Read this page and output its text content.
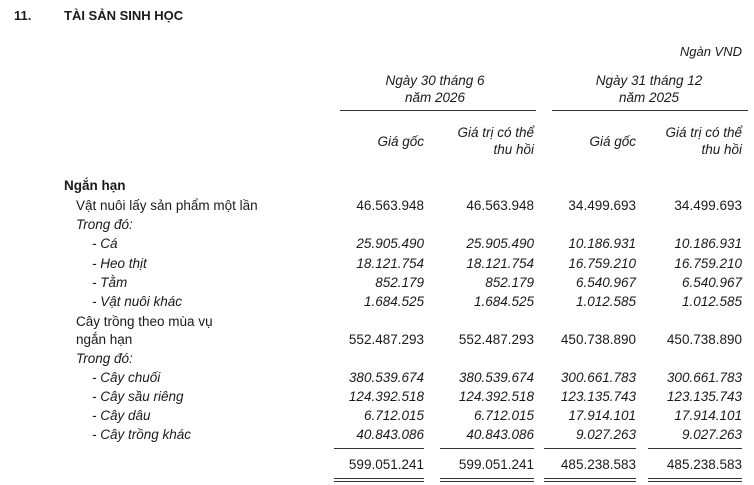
11.	TÀI SẢN SINH HỌC
Ngàn VND
Ngày 30 tháng 6
năm 2026
Ngày 31 tháng 12
năm 2025
Giá gốc
Giá trị có thể
thu hồi
Giá gốc
Giá trị có thể
thu hồi
Ngắn hạn
Vật nuôi lấy sản phẩm một lần	46.563.948	46.563.948	34.499.693	34.499.693
Trong đó:
- Cá	25.905.490	25.905.490	10.186.931	10.186.931
- Heo thịt	18.121.754	18.121.754	16.759.210	16.759.210
- Tằm	852.179	852.179	6.540.967	6.540.967
- Vật nuôi khác	1.684.525	1.684.525	1.012.585	1.012.585
Cây trồng theo mùa vụ
ngắn hạn	552.487.293	552.487.293 450.738.890 450.738.890
Trong đó:
- Cây chuối	380.539.674	380.539.674 300.661.783 300.661.783
- Cây sầu riêng	124.392.518	124.392.518 123.135.743 123.135.743
- Cây dâu	6.712.015	6.712.015	17.914.101	17.914.101
- Cây trồng khác	40.843.086	40.843.086	9.027.263	9.027.263
599.051.241	599.051.241 485.238.583 485.238.583
